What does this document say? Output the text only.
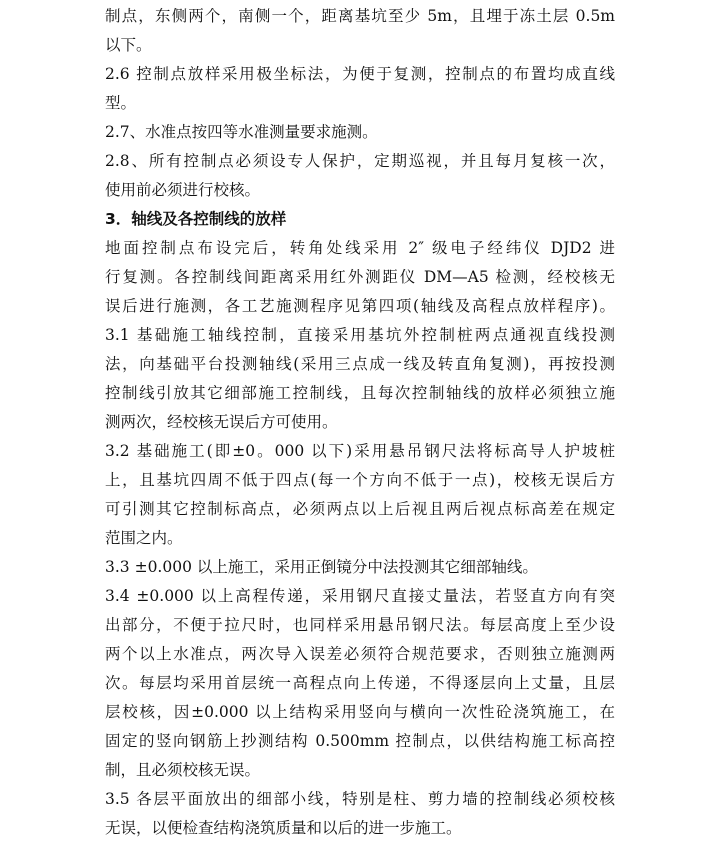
制点，东侧两个，南侧一个，距离基坑至少 5m，且埋于冻土层 0.5m
以下。
2.6 控制点放样采用极坐标法，为便于复测，控制点的布置均成直线
型。
2.7、水准点按四等水准测量要求施测。
2.8、所有控制点必须设专人保护，定期巡视，并且每月复核一次，
使用前必须进行校核。
3．轴线及各控制线的放样
地面控制点布设完后，转角处线采用 2″ 级电子经纬仪 DJD2 进
行复测。各控制线间距离采用红外测距仪 DM—A5 检测，经校核无
误后进行施测，各工艺施测程序见第四项(轴线及高程点放样程序)。
3.1 基础施工轴线控制，直接采用基坑外控制桩两点通视直线投测
法，向基础平台投测轴线(采用三点成一线及转直角复测)，再按投测
控制线引放其它细部施工控制线，且每次控制轴线的放样必须独立施
测两次，经校核无误后方可使用。
3.2 基础施工(即±0。000 以下)采用悬吊钢尺法将标高导人护坡桩
上，且基坑四周不低于四点(每一个方向不低于一点)，校核无误后方
可引测其它控制标高点，必须两点以上后视且两后视点标高差在规定
范围之内。
3.3 ±0.000 以上施工，采用正倒镜分中法投测其它细部轴线。
3.4 ±0.000 以上高程传递，采用钢尺直接丈量法，若竖直方向有突
出部分，不便于拉尺时，也同样采用悬吊钢尺法。每层高度上至少设
两个以上水准点，两次导入误差必须符合规范要求，否则独立施测两
次。每层均采用首层统一高程点向上传递，不得逐层向上丈量，且层
层校核，因±0.000 以上结构采用竖向与横向一次性砼浇筑施工，在
固定的竖向钢筋上抄测结构 0.500mm 控制点，以供结构施工标高控
制，且必须校核无误。
3.5 各层平面放出的细部小线，特别是柱、剪力墙的控制线必须校核
无误，以便检查结构浇筑质量和以后的进一步施工。
